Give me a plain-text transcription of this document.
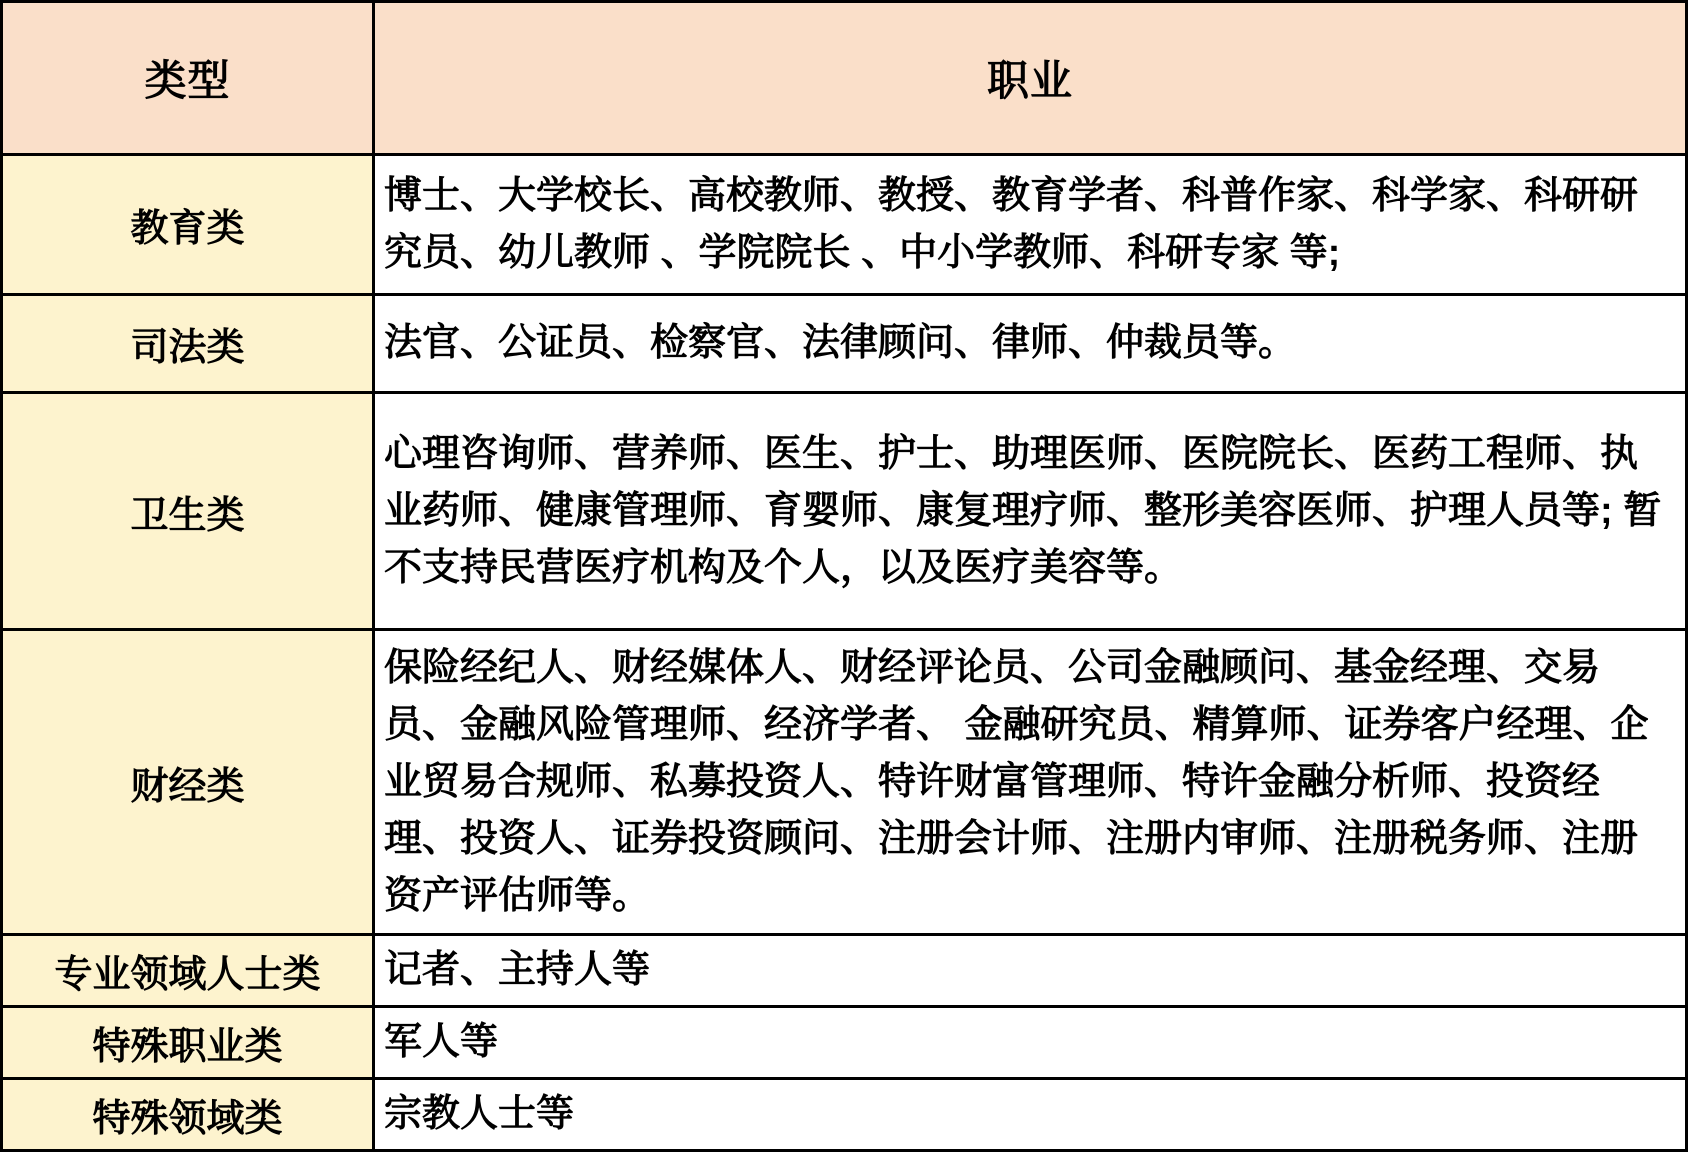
类型	职业
教育类	博士、大学校长、高校教师、教授、教育学者、科普作家、科学家、科研研究员、幼儿教师 、学院院长 、中小学教师、科研专家 等;
司法类	法官、公证员、检察官、法律顾问、律师、仲裁员等。
卫生类	心理咨询师、营养师、医生、护士、助理医师、医院院长、医药工程师、执业药师、健康管理师、育婴师、康复理疗师、整形美容医师、护理人员等; 暂不支持民营医疗机构及个人，以及医疗美容等。
财经类	保险经纪人、财经媒体人、财经评论员、公司金融顾问、基金经理、交易员、金融风险管理师、经济学者、 金融研究员、精算师、证券客户经理、企业贸易合规师、私募投资人、特许财富管理师、特许金融分析师、投资经理、投资人、证券投资顾问、注册会计师、注册内审师、注册税务师、注册资产评估师等。
专业领域人士类	记者、主持人等
特殊职业类	军人等
特殊领域类	宗教人士等
